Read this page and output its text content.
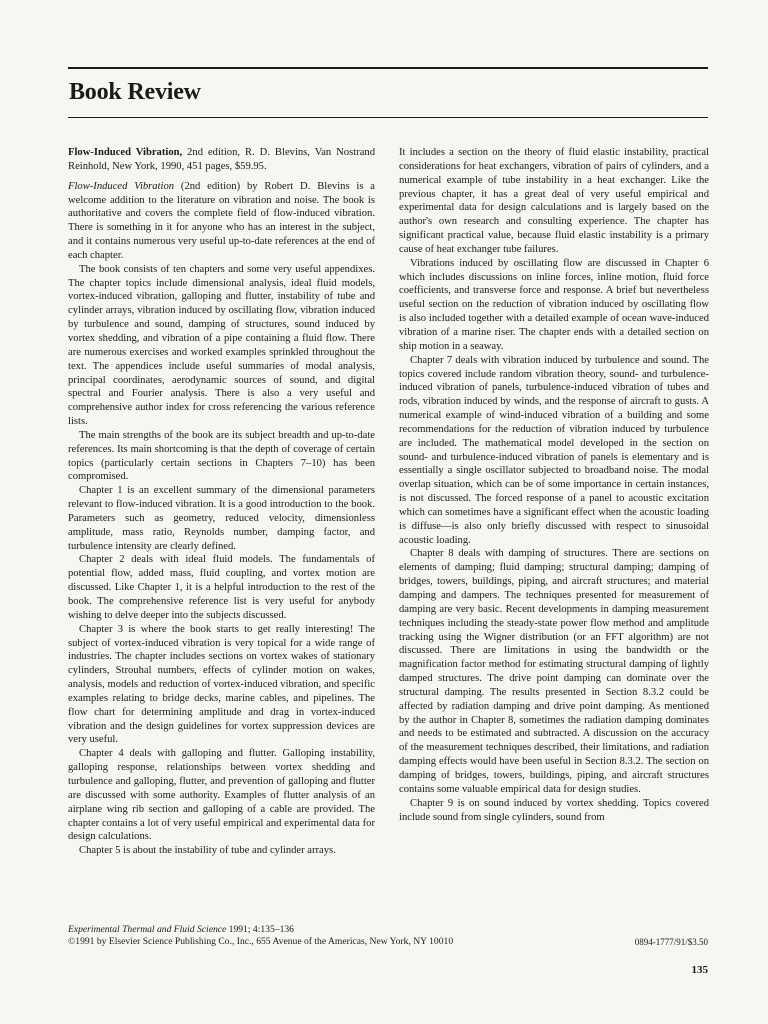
Book Review

Flow-Induced Vibration, 2nd edition, R. D. Blevins, Van Nostrand Reinhold, New York, 1990, 451 pages, $59.95.

Flow-Induced Vibration (2nd edition) by Robert D. Blevins is a welcome addition to the literature on vibration and noise. The book is authoritative and covers the complete field of flow-induced vibration. There is something in it for anyone who has an interest in the subject, and it contains numerous very useful up-to-date references at the end of each chapter.

The book consists of ten chapters and some very useful appendixes. The chapter topics include dimensional analysis, ideal fluid models, vortex-induced vibration, galloping and flutter, instability of tube and cylinder arrays, vibration induced by oscillating flow, vibration induced by turbulence and sound, damping of structures, sound induced by vortex shedding, and vibration of a pipe containing a fluid flow. There are numerous exercises and worked examples sprinkled throughout the text. The appendices include useful summaries of modal analysis, principal coordinates, aerodynamic sources of sound, and digital spectral and Fourier analysis. There is also a very useful and comprehensive author index for cross referencing the various reference lists.

The main strengths of the book are its subject breadth and up-to-date references. Its main shortcoming is that the depth of coverage of certain topics (particularly certain sections in Chapters 7–10) has been compromised.

Chapter 1 is an excellent summary of the dimensional parameters relevant to flow-induced vibration. It is a good introduction to the book. Parameters such as geometry, reduced velocity, dimensionless amplitude, mass ratio, Reynolds number, damping factor, and turbulence intensity are clearly defined.

Chapter 2 deals with ideal fluid models. The fundamentals of potential flow, added mass, fluid coupling, and vortex motion are discussed. Like Chapter 1, it is a helpful introduction to the rest of the book. The comprehensive reference list is very useful for anybody wishing to delve deeper into the subjects discussed.

Chapter 3 is where the book starts to get really interesting! The subject of vortex-induced vibration is very topical for a wide range of industries. The chapter includes sections on vortex wakes of stationary cylinders, Strouhal numbers, effects of cylinder motion on wakes, analysis, models and reduction of vortex-induced vibration, and specific examples relating to bridge decks, marine cables, and pipelines. The flow chart for determining amplitude and drag in vortex-induced vibration and the design guidelines for vortex suppression devices are very useful.

Chapter 4 deals with galloping and flutter. Galloping instability, galloping response, relationships between vortex shedding and turbulence and galloping, flutter, and prevention of galloping and flutter are discussed with some authority. Examples of flutter analysis of an airplane wing rib section and galloping of a cable are provided. The chapter contains a lot of very useful empirical and experimental data for design calculations.

Chapter 5 is about the instability of tube and cylinder arrays.

It includes a section on the theory of fluid elastic instability, practical considerations for heat exchangers, vibration of pairs of cylinders, and a numerical example of tube instability in a heat exchanger. Like the previous chapter, it has a great deal of very useful empirical and experimental data for design calculations and is largely based on the author's own research and consulting experience. The chapter has significant practical value, because fluid elastic instability is a primary cause of heat exchanger tube failures.

Vibrations induced by oscillating flow are discussed in Chapter 6 which includes discussions on inline forces, inline motion, fluid force coefficients, and transverse force and response. A brief but nevertheless useful section on the reduction of vibration induced by oscillating flow is also included together with a detailed example of ocean wave-induced vibration of a marine riser. The chapter ends with a detailed section on ship motion in a seaway.

Chapter 7 deals with vibration induced by turbulence and sound. The topics covered include random vibration theory, sound- and turbulence-induced vibration of panels, turbulence-induced vibration of tubes and rods, vibration induced by winds, and the response of aircraft to gusts. A numerical example of wind-induced vibration of a building and some recommendations for the reduction of vibration induced by turbulence are included. The mathematical model developed in the section on sound- and turbulence-induced vibration of panels is elementary and is essentially a single oscillator subjected to broadband noise. The modal overlap situation, which can be of some importance in certain instances, is not discussed. The forced response of a panel to acoustic excitation which can sometimes have a significant effect when the acoustic loading is diffuse—is also only briefly discussed with respect to sinusoidal acoustic loading.

Chapter 8 deals with damping of structures. There are sections on elements of damping; fluid damping; structural damping; damping of bridges, towers, buildings, piping, and aircraft structures; and material damping and dampers. The techniques presented for measurement of damping are very basic. Recent developments in damping measurement techniques including the steady-state power flow method and amplitude tracking using the Wigner distribution (or an FFT algorithm) are not discussed. There are limitations in using the bandwidth or the magnification factor method for estimating structural damping of lightly damped structures. The drive point damping can dominate over the structural damping. The results presented in Section 8.3.2 could be affected by radiation damping and drive point damping. As mentioned by the author in Chapter 8, sometimes the radiation damping dominates and needs to be estimated and subtracted. A discussion on the accuracy of the measurement techniques described, their limitations, and radiation damping effects would have been useful in Section 8.3.2. The section on damping of bridges, towers, buildings, piping, and aircraft structures contains some valuable empirical data for design studies.

Chapter 9 is on sound induced by vortex shedding. Topics covered include sound from single cylinders, sound from

Experimental Thermal and Fluid Science 1991; 4:135–136
©1991 by Elsevier Science Publishing Co., Inc., 655 Avenue of the Americas, New York, NY 10010	0894-1777/91/$3.50
135
